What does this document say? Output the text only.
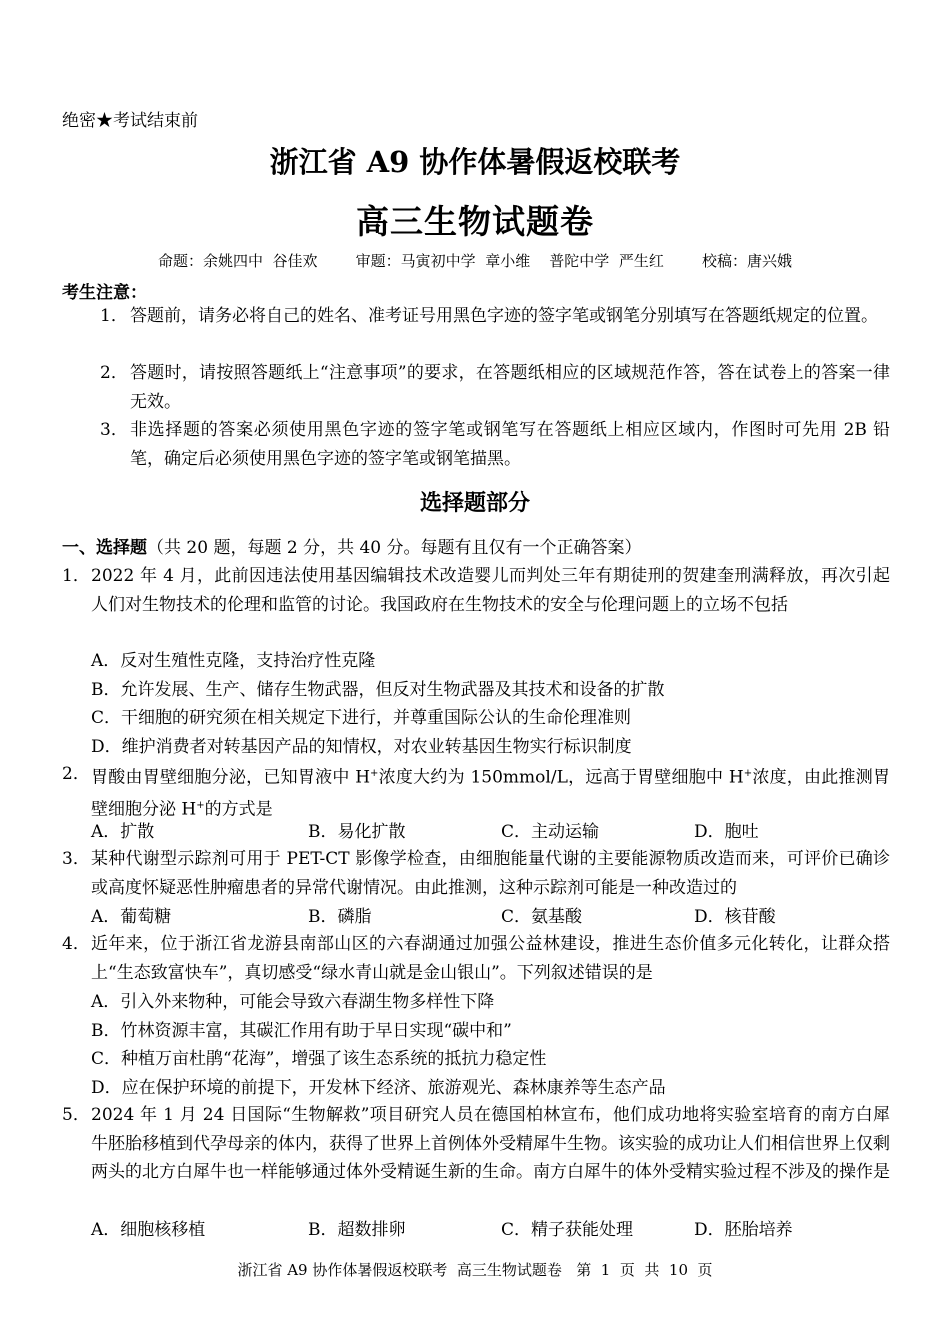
绝密★考试结束前
浙江省 A9 协作体暑假返校联考
高三生物试题卷
命题：余姚四中  谷佳欢        审题：马寅初中学  章小维    普陀中学  严生红        校稿：唐兴娥
考生注意：
1． 答题前，请务必将自己的姓名、准考证号用黑色字迹的签字笔或钢笔分别填写在答题纸规定的位置。
2． 答题时，请按照答题纸上“注意事项”的要求，在答题纸相应的区域规范作答，答在试卷上的答案一律无效。
3． 非选择题的答案必须使用黑色字迹的签字笔或钢笔写在答题纸上相应区域内，作图时可先用 2B 铅笔，确定后必须使用黑色字迹的签字笔或钢笔描黑。
选择题部分
一、选择题（共 20 题，每题 2 分，共 40 分。每题有且仅有一个正确答案）
1． 2022 年 4 月，此前因违法使用基因编辑技术改造婴儿而判处三年有期徒刑的贺建奎刑满释放，再次引起人们对生物技术的伦理和监管的讨论。我国政府在生物技术的安全与伦理问题上的立场不包括
A．反对生殖性克隆，支持治疗性克隆
B．允许发展、生产、储存生物武器，但反对生物武器及其技术和设备的扩散
C．干细胞的研究须在相关规定下进行，并尊重国际公认的生命伦理准则
D．维护消费者对转基因产品的知情权，对农业转基因生物实行标识制度
2． 胃酸由胃壁细胞分泌，已知胃液中 H+浓度大约为 150mmol/L，远高于胃壁细胞中 H+浓度，由此推测胃壁细胞分泌 H+的方式是
A．扩散	B．易化扩散	C．主动运输	D．胞吐
3． 某种代谢型示踪剂可用于 PET-CT 影像学检查，由细胞能量代谢的主要能源物质改造而来，可评价已确诊或高度怀疑恶性肿瘤患者的异常代谢情况。由此推测，这种示踪剂可能是一种改造过的
A．葡萄糖	B．磷脂	C．氨基酸	D．核苷酸
4． 近年来，位于浙江省龙游县南部山区的六春湖通过加强公益林建设，推进生态价值多元化转化，让群众搭上“生态致富快车”，真切感受“绿水青山就是金山银山”。下列叙述错误的是
A．引入外来物种，可能会导致六春湖生物多样性下降
B．竹林资源丰富，其碳汇作用有助于早日实现“碳中和”
C．种植万亩杜鹃“花海”，增强了该生态系统的抵抗力稳定性
D．应在保护环境的前提下，开发林下经济、旅游观光、森林康养等生态产品
5． 2024 年 1 月 24 日国际“生物解救”项目研究人员在德国柏林宣布，他们成功地将实验室培育的南方白犀牛胚胎移植到代孕母亲的体内，获得了世界上首例体外受精犀牛生物。该实验的成功让人们相信世界上仅剩两头的北方白犀牛也一样能够通过体外受精诞生新的生命。南方白犀牛的体外受精实验过程不涉及的操作是
A．细胞核移植	B．超数排卵	C．精子获能处理	D．胚胎培养
浙江省 A9 协作体暑假返校联考  高三生物试题卷   第  1  页  共  10  页
